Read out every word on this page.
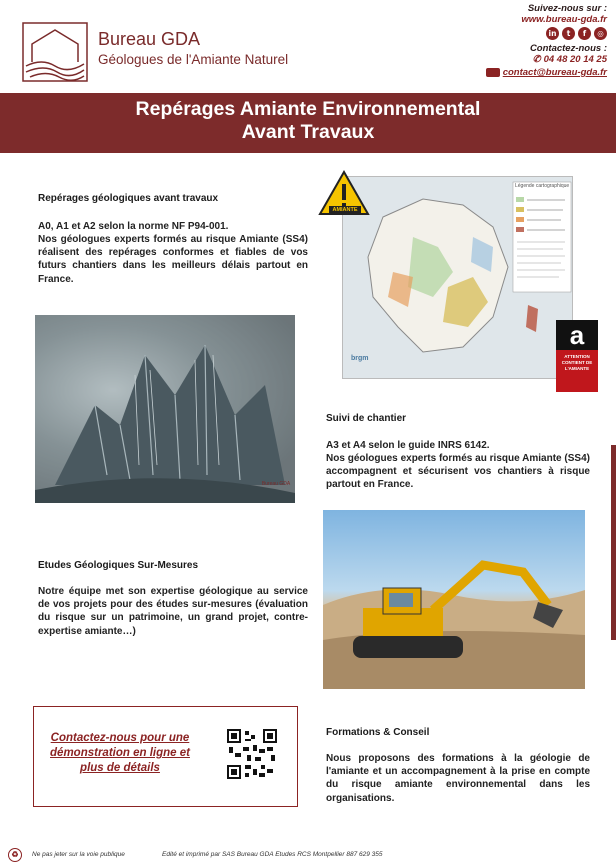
Bureau GDA
Géologues de l'Amiante Naturel
Suivez-nous sur :
www.bureau-gda.fr
in	t	f	◎
Contactez-nous :
✆ 04 48 20 14 25
contact@bureau-gda.fr
Repérages Amiante Environnemental
Avant Travaux
Repérages géologiques avant travaux
A0, A1 et A2 selon la norme NF P94-001.
Nos géologues experts formés au risque Amiante (SS4) réalisent des repérages conformes et fiables de vos futurs chantiers dans les meilleurs délais partout en France.
Légende cartographique
brgm
AMIANTE
a
ATTENTION CONTIENT DE L'AMIANTE
Bureau GDA
Suivi de chantier
A3 et A4 selon le guide INRS 6142.
Nos géologues experts formés au risque Amiante (SS4) accompagnent et sécurisent vos chantiers à risque partout en France.
Etudes Géologiques Sur-Mesures
Notre équipe met son expertise géologique au service de vos projets pour des études sur-mesures (évaluation du risque sur un patrimoine, un grand projet, contre-expertise amiante…)
Contactez-nous pour une démonstration en ligne et plus de détails
Formations & Conseil
Nous proposons des formations à la géologie de l'amiante et un accompagnement à la prise en compte du risque amiante environnemental dans les organisations.
♻	Ne pas jeter sur la voie publique	Edité et imprimé par SAS Bureau GDA Etudes RCS Montpellier 887 629 355
